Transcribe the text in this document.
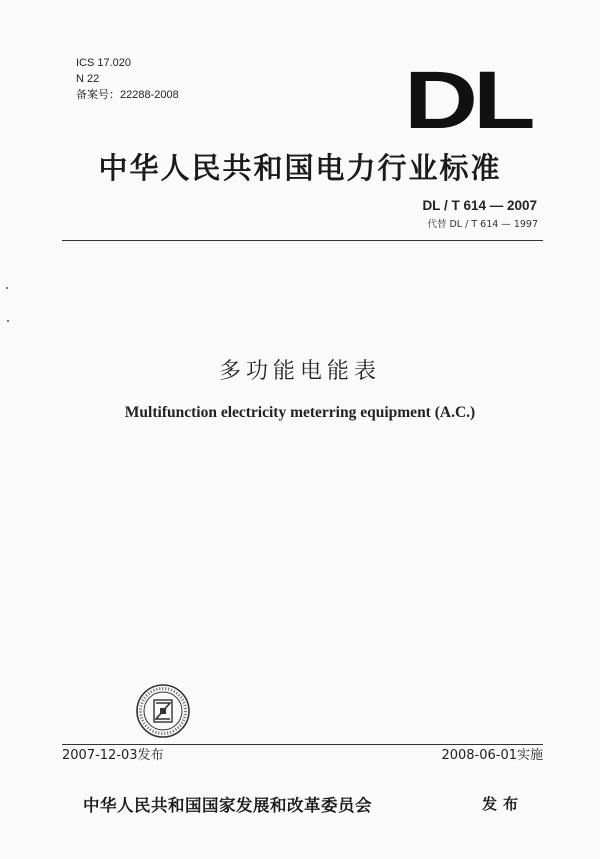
ICS 17.020
N 22
备案号：22288-2008	DL
中华人民共和国电力行业标准
DL / T 614 — 2007
代替 DL / T 614 — 1997
多功能电能表
Multifunction electricity meterring equipment (A.C.)
2007-12-03发布	2008-06-01实施
中华人民共和国国家发展和改革委员会	发布
